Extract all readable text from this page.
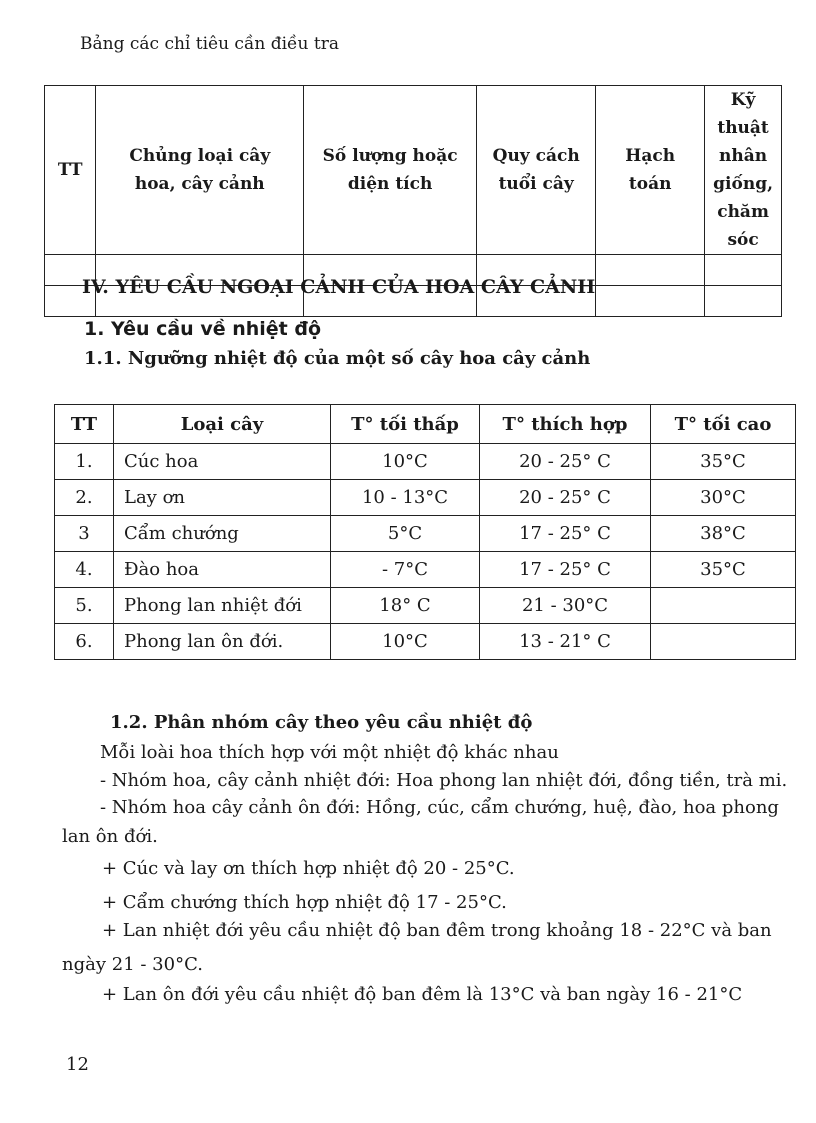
Bảng các chỉ tiêu cần điều tra
TT	Chủng loại cây hoa, cây cảnh	Số lượng hoặc diện tích	Quy cách tuổi cây	Hạch toán	Kỹ thuật nhân giống, chăm sóc

IV. YÊU CẦU NGOẠI CẢNH CỦA HOA CÂY CẢNH
1. Yêu cầu về nhiệt độ
1.1. Ngưỡng nhiệt độ của một số cây hoa cây cảnh
TT	Loại cây	T° tối thấp	T° thích hợp	T° tối cao
1.	Cúc hoa	10°C	20 - 25° C	35°C
2.	Lay ơn	10 - 13°C	20 - 25° C	30°C
3	Cẩm chướng	5°C	17 - 25° C	38°C
4.	Đào hoa	- 7°C	17 - 25° C	35°C
5.	Phong lan nhiệt đới	18° C	21 - 30°C	
6.	Phong lan ôn đới.	10°C	13 - 21° C	
1.2. Phân nhóm cây theo yêu cầu nhiệt độ
Mỗi loài hoa thích hợp với một nhiệt độ khác nhau
- Nhóm hoa, cây cảnh nhiệt đới: Hoa phong lan nhiệt đới, đồng tiền, trà mi.
- Nhóm hoa cây cảnh ôn đới: Hồng, cúc, cẩm chướng, huệ, đào, hoa phong
lan ôn đới.
+ Cúc và lay ơn thích hợp nhiệt độ 20 - 25°C.
+ Cẩm chướng thích hợp nhiệt độ 17 - 25°C.
+ Lan nhiệt đới yêu cầu nhiệt độ ban đêm trong khoảng 18 - 22°C và ban
ngày 21 - 30°C.
+ Lan ôn đới yêu cầu nhiệt độ ban đêm là 13°C và ban ngày 16 - 21°C
12
